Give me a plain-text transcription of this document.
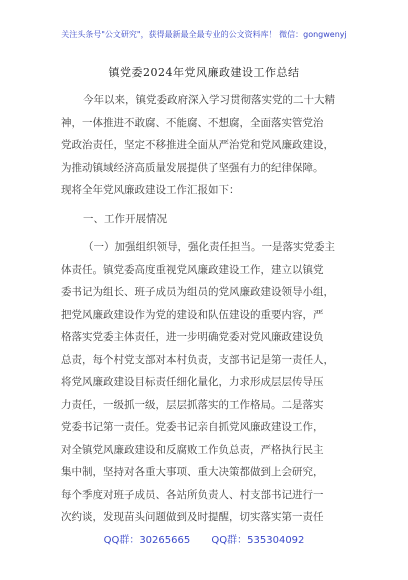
关注头条号"公文研究"，获得最新最全最专业的公文资料库！ 微信：gongwenyj
镇党委2024年党风廉政建设工作总结
今年以来，镇党委政府深入学习贯彻落实党的二十大精
神，一体推进不敢腐、不能腐、不想腐，全面落实管党治
党政治责任，坚定不移推进全面从严治党和党风廉政建设，
为推动镇域经济高质量发展提供了坚强有力的纪律保障。
现将全年党风廉政建设工作汇报如下：
一、工作开展情况
（一）加强组织领导，强化责任担当。一是落实党委主
体责任。镇党委高度重视党风廉政建设工作，建立以镇党
委书记为组长、班子成员为组员的党风廉政建设领导小组，
把党风廉政建设作为党的建设和队伍建设的重要内容，严
格落实党委主体责任，进一步明确党委对党风廉政建设负
总责，每个村党支部对本村负责，支部书记是第一责任人，
将党风廉政建设目标责任细化量化，力求形成层层传导压
力责任，一级抓一级，层层抓落实的工作格局。二是落实
党委书记第一责任。党委书记亲自抓党风廉政建设工作，
对全镇党风廉政建设和反腐败工作负总责，严格执行民主
集中制，坚持对各重大事项、重大决策都做到上会研究，
每个季度对班子成员、各站所负责人、村支部书记进行一
次约谈，发现苗头问题做到及时提醒，切实落实第一责任
QQ群：30265665 QQ群：535304092
